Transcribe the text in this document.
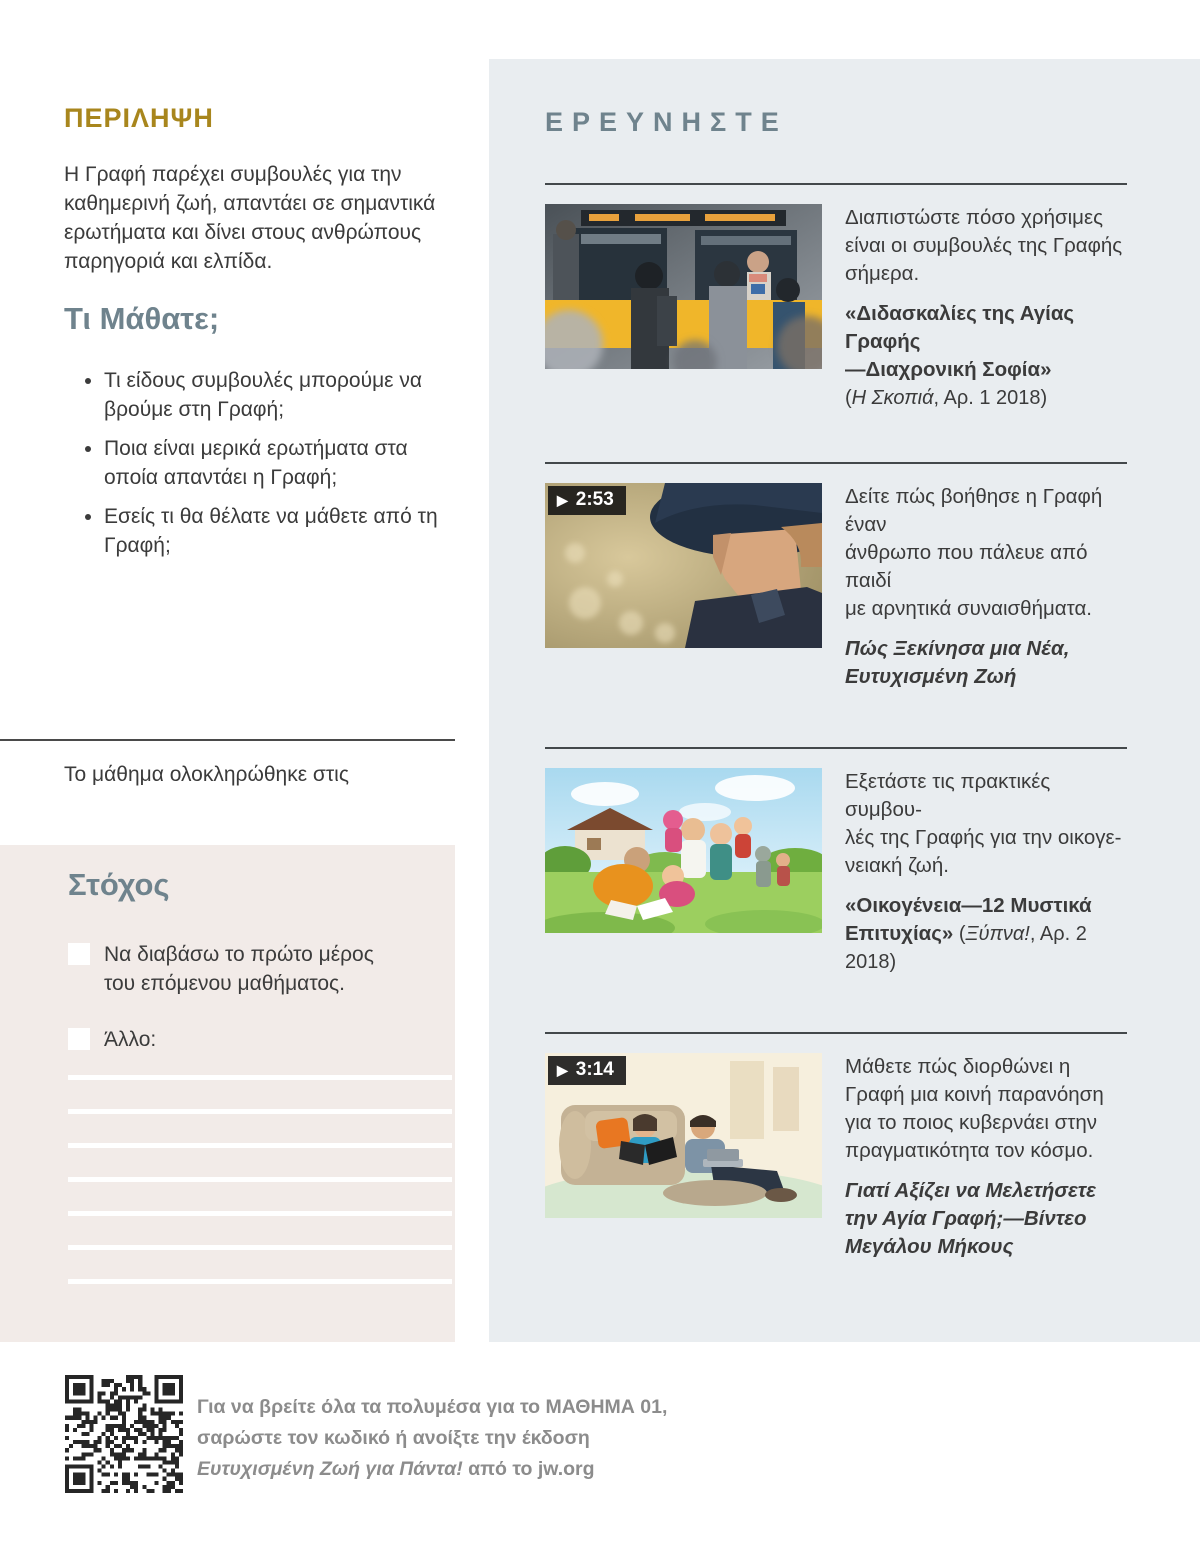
ΠΕΡΙΛΗΨΗ
Η Γραφή παρέχει συμβουλές για την καθημερινή ζωή, απαντάει σε σημαντικά ερωτήματα και δίνει στους ανθρώπους παρηγοριά και ελπίδα.
Τι Μάθατε;
• Τι είδους συμβουλές μπορούμε να βρούμε στη Γραφή;
• Ποια είναι μερικά ερωτήματα στα οποία απαντάει η Γραφή;
• Εσείς τι θα θέλατε να μάθετε από τη Γραφή;
Το μάθημα ολοκληρώθηκε στις
Στόχος
Να διαβάσω το πρώτο μέρος του επόμενου μαθήματος.
Άλλο:
Για να βρείτε όλα τα πολυμέσα για το ΜΑΘΗΜΑ 01,
σαρώστε τον κωδικό ή ανοίξτε την έκδοση
Ευτυχισμένη Ζωή για Πάντα! από το jw.org
ΕΡΕΥΝΗΣΤΕ
Διαπιστώστε πόσο χρήσιμες
είναι οι συμβουλές της Γραφής
σήμερα.
«Διδασκαλίες της Αγίας Γραφής
—Διαχρονική Σοφία»
(Η Σκοπιά, Αρ. 1 2018)
▶ 2:53	Δείτε πώς βοήθησε η Γραφή έναν
άνθρωπο που πάλευε από παιδί
με αρνητικά συναισθήματα.
Πώς Ξεκίνησα μια Νέα,
Ευτυχισμένη Ζωή
Εξετάστε τις πρακτικές συμβου-
λές της Γραφής για την οικογε-
νειακή ζωή.
«Οικογένεια—12 Μυστικά Επιτυχίας» (Ξύπνα!, Αρ. 2 2018)
▶ 3:14	Μάθετε πώς διορθώνει η
Γραφή μια κοινή παρανόηση
για το ποιος κυβερνάει στην
πραγματικότητα τον κόσμο.
Γιατί Αξίζει να Μελετήσετε
την Αγία Γραφή;—Βίντεο
Μεγάλου Μήκους
